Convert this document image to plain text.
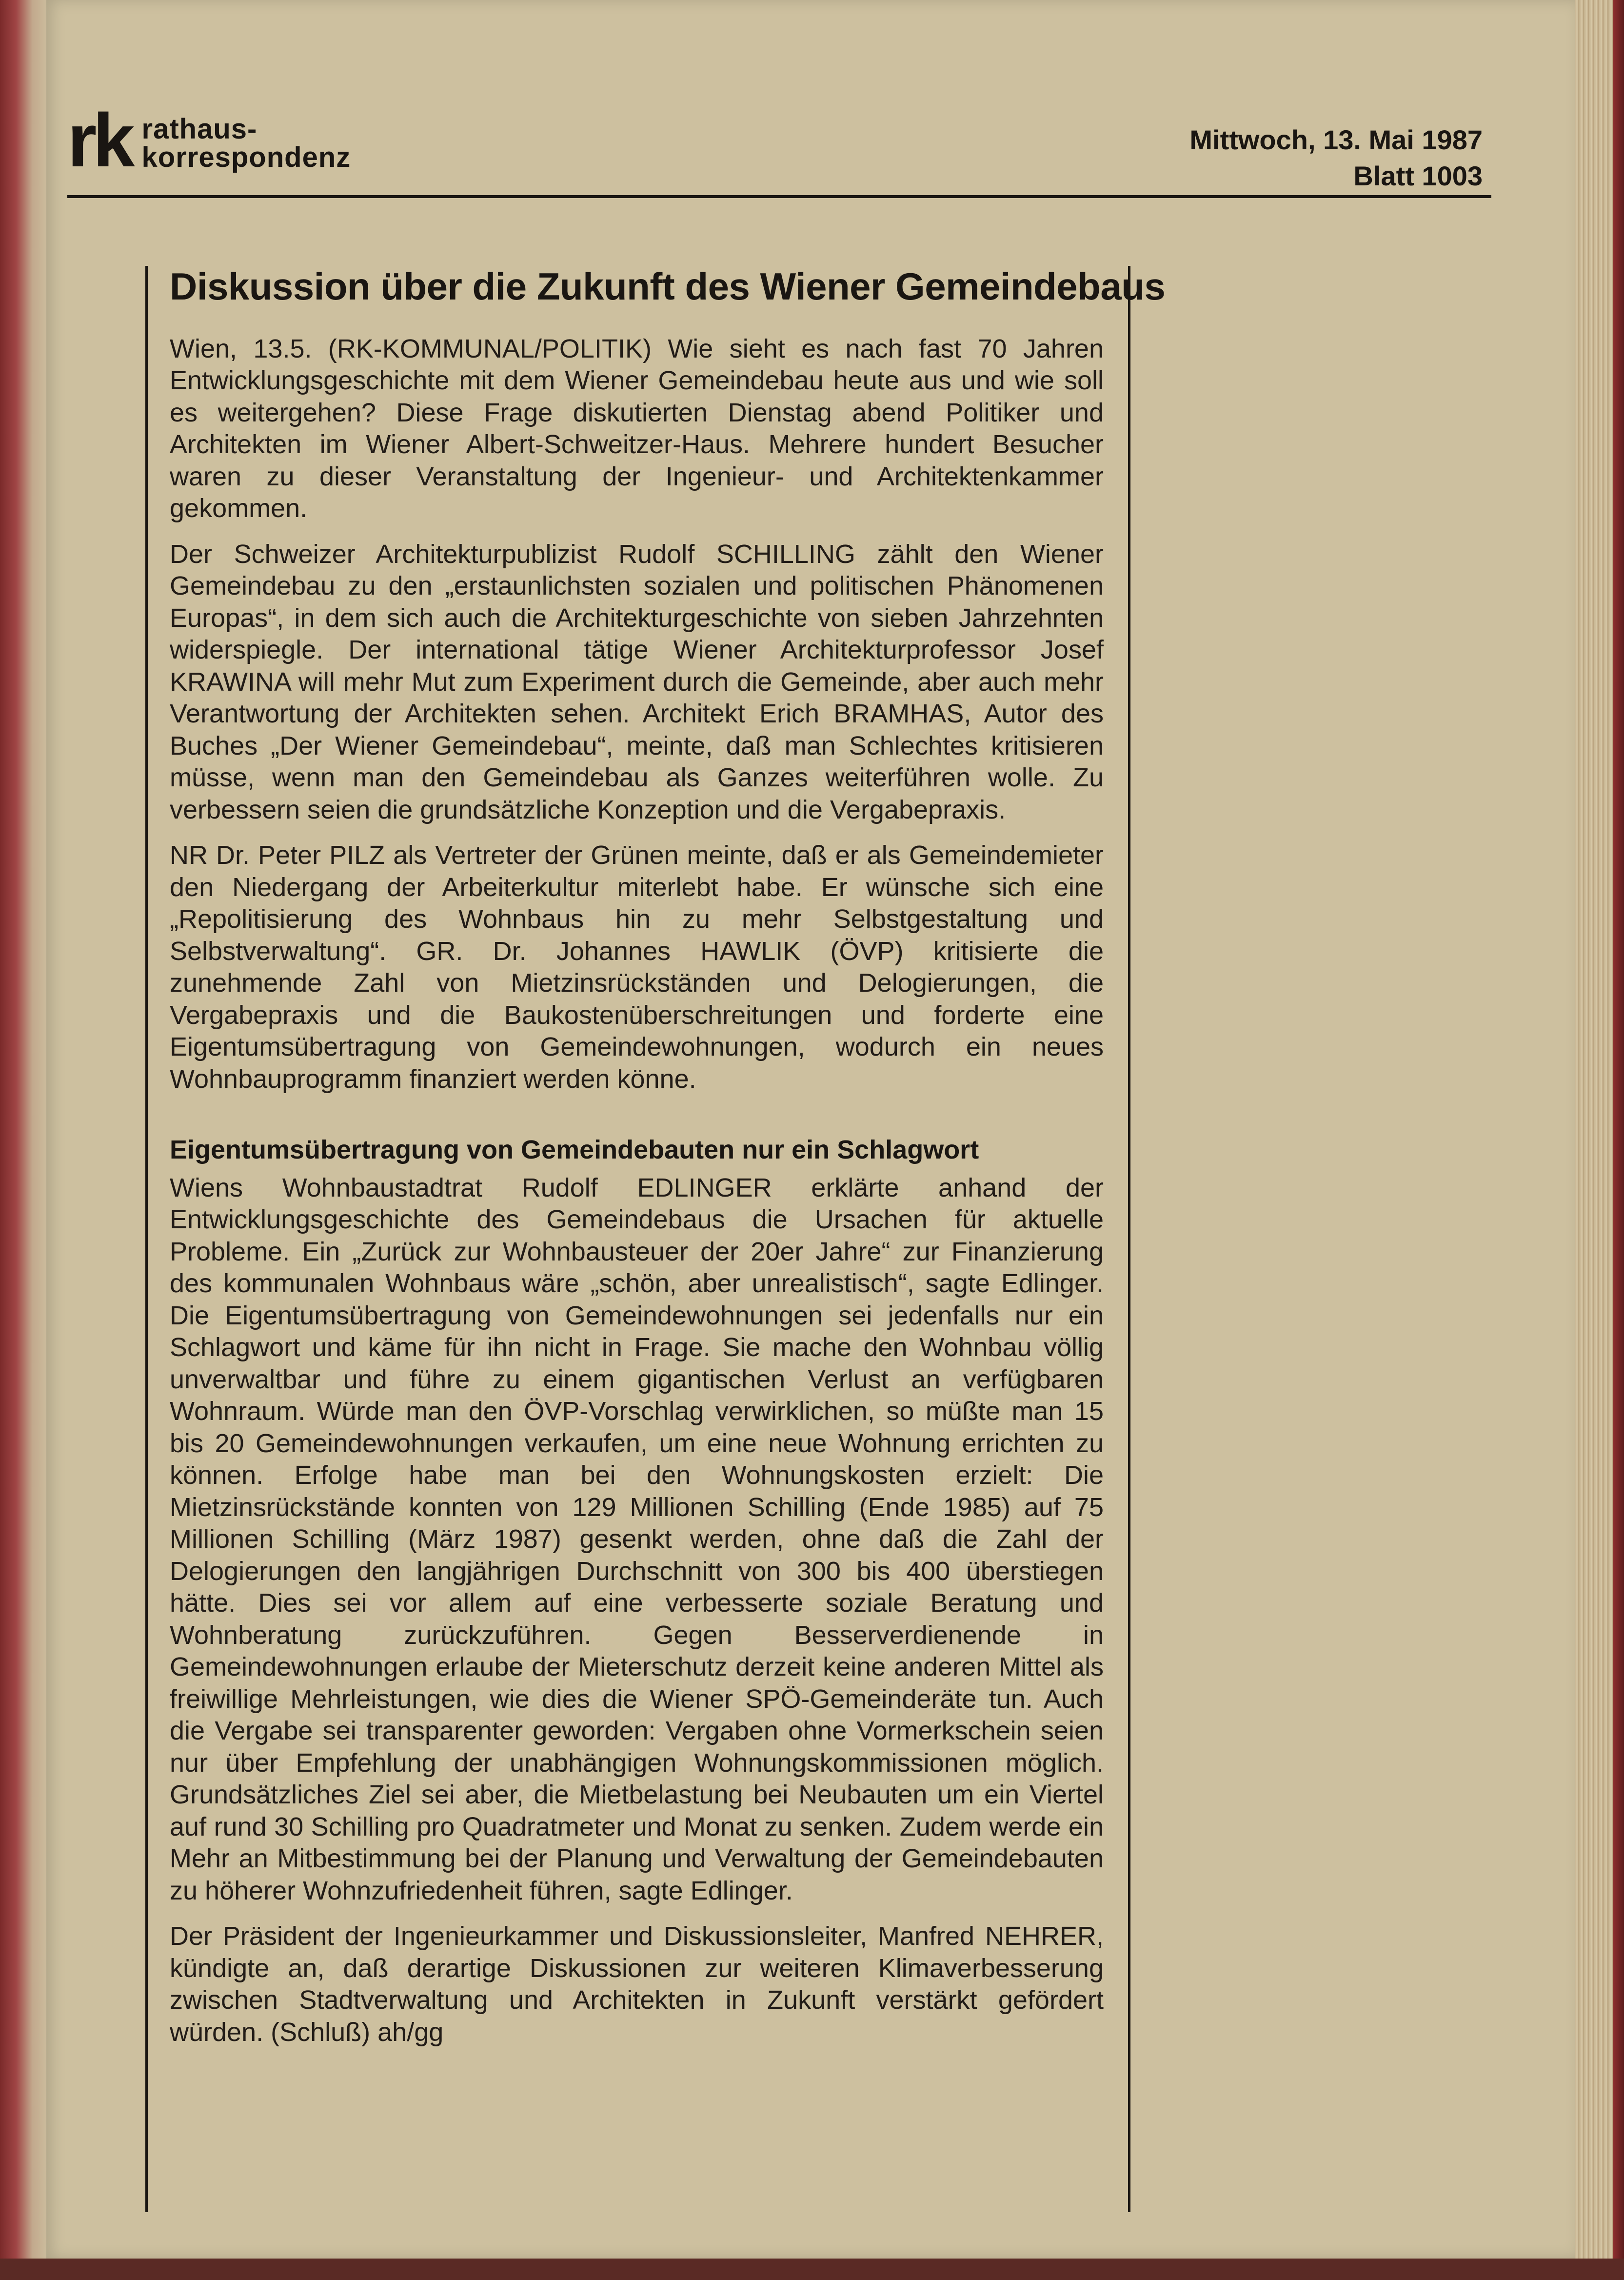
rk rathaus-
korrespondenz
Mittwoch, 13. Mai 1987
Blatt 1003
Diskussion über die Zukunft des Wiener Gemeindebaus

Wien, 13.5. (RK-KOMMUNAL/POLITIK) Wie sieht es nach fast 70 Jahren Entwicklungsgeschichte mit dem Wiener Gemeindebau heute aus und wie soll es weitergehen? Diese Frage diskutierten Dienstag abend Politiker und Architekten im Wiener Albert-Schweitzer-Haus. Mehrere hundert Besucher waren zu dieser Veranstaltung der Ingenieur- und Architektenkammer gekommen.

Der Schweizer Architekturpublizist Rudolf SCHILLING zählt den Wiener Gemeindebau zu den „erstaunlichsten sozialen und politischen Phänomenen Europas“, in dem sich auch die Architekturgeschichte von sieben Jahrzehnten widerspiegle. Der international tätige Wiener Architekturprofessor Josef KRAWINA will mehr Mut zum Experiment durch die Gemeinde, aber auch mehr Verantwortung der Architekten sehen. Architekt Erich BRAMHAS, Autor des Buches „Der Wiener Gemeindebau“, meinte, daß man Schlechtes kritisieren müsse, wenn man den Gemeindebau als Ganzes weiterführen wolle. Zu verbessern seien die grundsätzliche Konzeption und die Vergabepraxis.

NR Dr. Peter PILZ als Vertreter der Grünen meinte, daß er als Gemeindemieter den Niedergang der Arbeiterkultur miterlebt habe. Er wünsche sich eine „Repolitisierung des Wohnbaus hin zu mehr Selbstgestaltung und Selbstverwaltung“. GR. Dr. Johannes HAWLIK (ÖVP) kritisierte die zunehmende Zahl von Mietzinsrückständen und Delogierungen, die Vergabepraxis und die Baukostenüberschreitungen und forderte eine Eigentumsübertragung von Gemeindewohnungen, wodurch ein neues Wohnbauprogramm finanziert werden könne.

Eigentumsübertragung von Gemeindebauten nur ein Schlagwort

Wiens Wohnbaustadtrat Rudolf EDLINGER erklärte anhand der Entwicklungsgeschichte des Gemeindebaus die Ursachen für aktuelle Probleme. Ein „Zurück zur Wohnbausteuer der 20er Jahre“ zur Finanzierung des kommunalen Wohnbaus wäre „schön, aber unrealistisch“, sagte Edlinger. Die Eigentumsübertragung von Gemeindewohnungen sei jedenfalls nur ein Schlagwort und käme für ihn nicht in Frage. Sie mache den Wohnbau völlig unverwaltbar und führe zu einem gigantischen Verlust an verfügbaren Wohnraum. Würde man den ÖVP-Vorschlag verwirklichen, so müßte man 15 bis 20 Gemeindewohnungen verkaufen, um eine neue Wohnung errichten zu können. Erfolge habe man bei den Wohnungskosten erzielt: Die Mietzinsrückstände konnten von 129 Millionen Schilling (Ende 1985) auf 75 Millionen Schilling (März 1987) gesenkt werden, ohne daß die Zahl der Delogierungen den langjährigen Durchschnitt von 300 bis 400 überstiegen hätte. Dies sei vor allem auf eine verbesserte soziale Beratung und Wohnberatung zurückzuführen. Gegen Besserverdienende in Gemeindewohnungen erlaube der Mieterschutz derzeit keine anderen Mittel als freiwillige Mehrleistungen, wie dies die Wiener SPÖ-Gemeinderäte tun. Auch die Vergabe sei transparenter geworden: Vergaben ohne Vormerkschein seien nur über Empfehlung der unabhängigen Wohnungskommissionen möglich. Grundsätzliches Ziel sei aber, die Mietbelastung bei Neubauten um ein Viertel auf rund 30 Schilling pro Quadratmeter und Monat zu senken. Zudem werde ein Mehr an Mitbestimmung bei der Planung und Verwaltung der Gemeindebauten zu höherer Wohnzufriedenheit führen, sagte Edlinger.

Der Präsident der Ingenieurkammer und Diskussionsleiter, Manfred NEHRER, kündigte an, daß derartige Diskussionen zur weiteren Klimaverbesserung zwischen Stadtverwaltung und Architekten in Zukunft verstärkt gefördert würden. (Schluß) ah/gg
